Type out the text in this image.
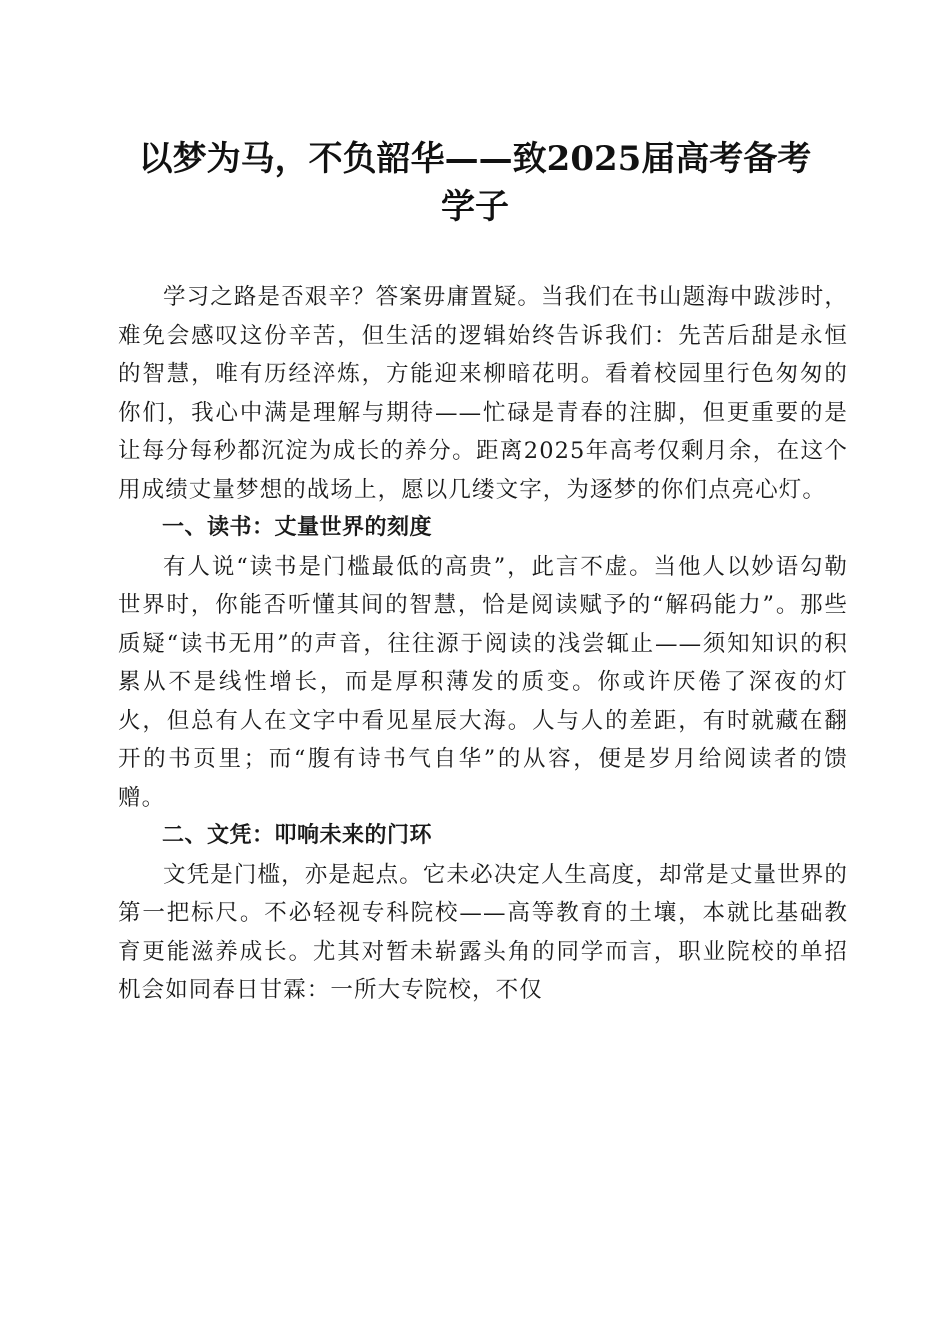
以梦为马，不负韶华——致2025届高考备考
学子

学习之路是否艰辛？答案毋庸置疑。当我们在书山题海中跋涉时，难免会感叹这份辛苦，但生活的逻辑始终告诉我们：先苦后甜是永恒的智慧，唯有历经淬炼，方能迎来柳暗花明。看着校园里行色匆匆的你们，我心中满是理解与期待——忙碌是青春的注脚，但更重要的是让每分每秒都沉淀为成长的养分。距离2025年高考仅剩月余，在这个用成绩丈量梦想的战场上，愿以几缕文字，为逐梦的你们点亮心灯。

一、读书：丈量世界的刻度

有人说“读书是门槛最低的高贵”，此言不虚。当他人以妙语勾勒世界时，你能否听懂其间的智慧，恰是阅读赋予的“解码能力”。那些质疑“读书无用”的声音，往往源于阅读的浅尝辄止——须知知识的积累从不是线性增长，而是厚积薄发的质变。你或许厌倦了深夜的灯火，但总有人在文字中看见星辰大海。人与人的差距，有时就藏在翻开的书页里；而“腹有诗书气自华”的从容，便是岁月给阅读者的馈赠。

二、文凭：叩响未来的门环

文凭是门槛，亦是起点。它未必决定人生高度，却常是丈量世界的第一把标尺。不必轻视专科院校——高等教育的土壤，本就比基础教育更能滋养成长。尤其对暂未崭露头角的同学而言，职业院校的单招机会如同春日甘霖：一所大专院校，不仅
